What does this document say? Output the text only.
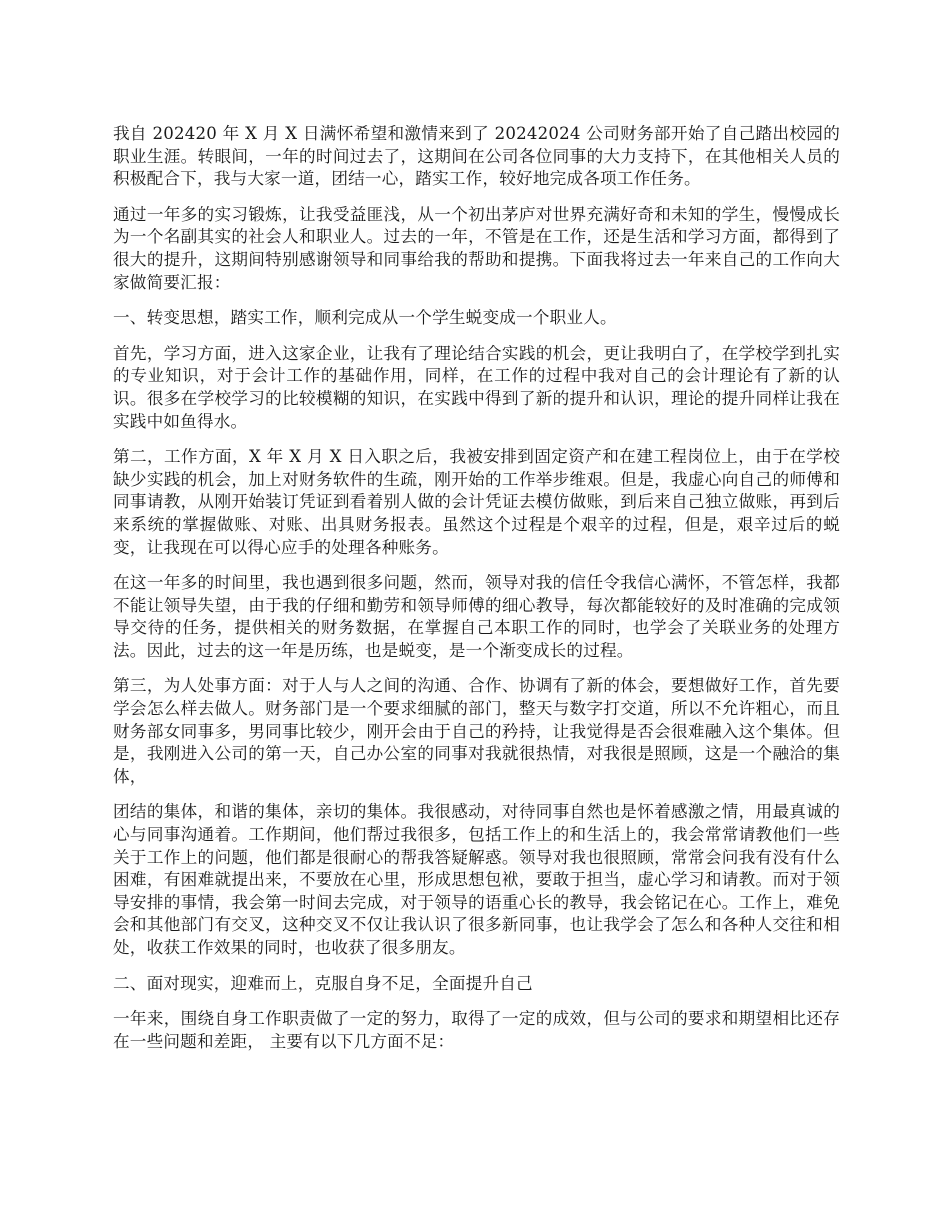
我自 202420 年 X 月 X 日满怀希望和激情来到了 20242024 公司财务部开始了自己踏出校园的职业生涯。转眼间，一年的时间过去了，这期间在公司各位同事的大力支持下，在其他相关人员的积极配合下，我与大家一道，团结一心，踏实工作，较好地完成各项工作任务。

通过一年多的实习锻炼，让我受益匪浅，从一个初出茅庐对世界充满好奇和未知的学生，慢慢成长为一个名副其实的社会人和职业人。过去的一年，不管是在工作，还是生活和学习方面，都得到了很大的提升，这期间特别感谢领导和同事给我的帮助和提携。下面我将过去一年来自己的工作向大家做简要汇报：

一、转变思想，踏实工作，顺利完成从一个学生蜕变成一个职业人。

首先，学习方面，进入这家企业，让我有了理论结合实践的机会，更让我明白了，在学校学到扎实的专业知识，对于会计工作的基础作用，同样，在工作的过程中我对自己的会计理论有了新的认识。很多在学校学习的比较模糊的知识，在实践中得到了新的提升和认识，理论的提升同样让我在实践中如鱼得水。

第二，工作方面，X 年 X 月 X 日入职之后，我被安排到固定资产和在建工程岗位上，由于在学校缺少实践的机会，加上对财务软件的生疏，刚开始的工作举步维艰。但是，我虚心向自己的师傅和同事请教，从刚开始装订凭证到看着别人做的会计凭证去模仿做账，到后来自己独立做账，再到后来系统的掌握做账、对账、出具财务报表。虽然这个过程是个艰辛的过程，但是，艰辛过后的蜕变，让我现在可以得心应手的处理各种账务。

在这一年多的时间里，我也遇到很多问题，然而，领导对我的信任令我信心满怀，不管怎样，我都不能让领导失望，由于我的仔细和勤劳和领导师傅的细心教导，每次都能较好的及时准确的完成领导交待的任务，提供相关的财务数据，在掌握自己本职工作的同时，也学会了关联业务的处理方法。因此，过去的这一年是历练，也是蜕变，是一个渐变成长的过程。

第三，为人处事方面：对于人与人之间的沟通、合作、协调有了新的体会，要想做好工作，首先要学会怎么样去做人。财务部门是一个要求细腻的部门，整天与数字打交道，所以不允许粗心，而且财务部女同事多，男同事比较少，刚开会由于自己的矜持，让我觉得是否会很难融入这个集体。但是，我刚进入公司的第一天，自己办公室的同事对我就很热情，对我很是照顾，这是一个融洽的集体，

团结的集体，和谐的集体，亲切的集体。我很感动，对待同事自然也是怀着感激之情，用最真诚的心与同事沟通着。工作期间，他们帮过我很多，包括工作上的和生活上的，我会常常请教他们一些关于工作上的问题，他们都是很耐心的帮我答疑解惑。领导对我也很照顾，常常会问我有没有什么困难，有困难就提出来，不要放在心里，形成思想包袱，要敢于担当，虚心学习和请教。而对于领导安排的事情，我会第一时间去完成，对于领导的语重心长的教导，我会铭记在心。工作上，难免会和其他部门有交叉，这种交叉不仅让我认识了很多新同事，也让我学会了怎么和各种人交往和相处，收获工作效果的同时，也收获了很多朋友。

二、面对现实，迎难而上，克服自身不足，全面提升自己

一年来，围绕自身工作职责做了一定的努力，取得了一定的成效，但与公司的要求和期望相比还存在一些问题和差距， 主要有以下几方面不足：
